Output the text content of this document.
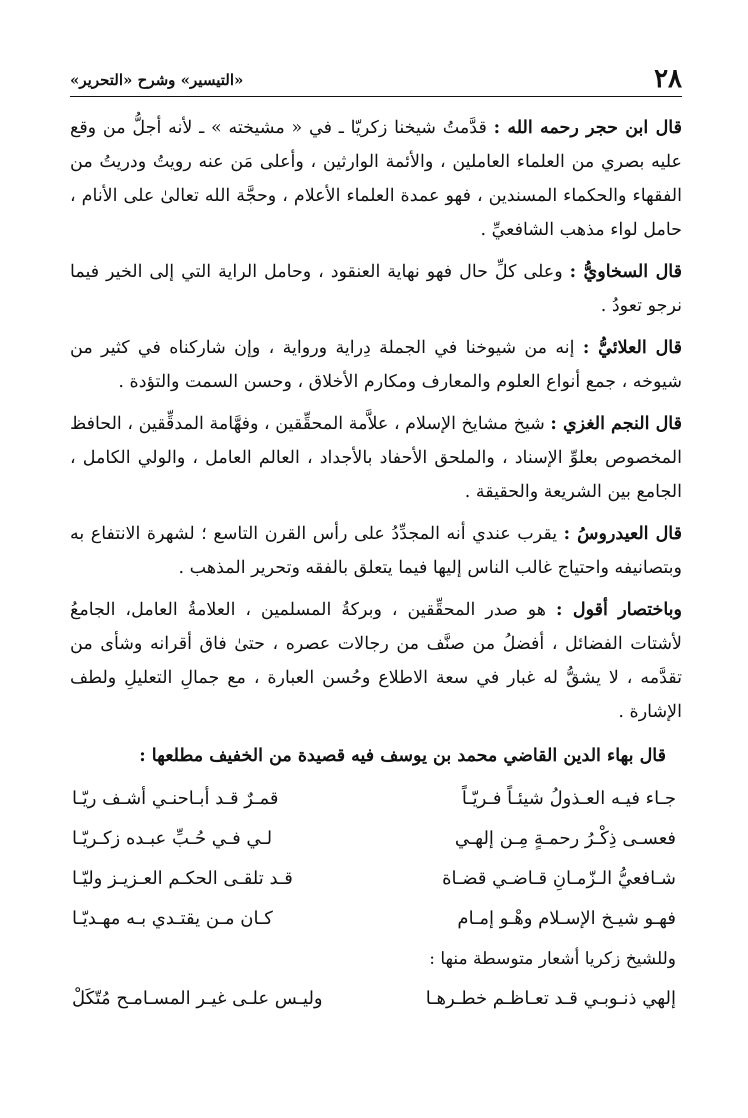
٢٨
«التيسير» وشرح «التحرير»

قال ابن حجر رحمه الله : قدَّمتُ شيخنا زكريّا ـ في « مشيخته » ـ لأنه أجلُّ من وقع عليه بصري من العلماء العاملين ، والأئمة الوارثين ، وأعلى مَن عنه رويتُ ودريتُ من الفقهاء والحكماء المسندين ، فهو عمدة العلماء الأعلام ، وحجَّة الله تعالىٰ على الأنام ، حامل لواء مذهب الشافعيِّ .

قال السخاويُّ : وعلى كلِّ حال فهو نهاية العنقود ، وحامل الراية التي إلى الخير فيما نرجو تعودُ .

قال العلائيُّ : إنه من شيوخنا في الجملة دِراية ورواية ، وإن شاركناه في كثير من شيوخه ، جمع أنواع العلوم والمعارف ومكارم الأخلاق ، وحسن السمت والتؤدة .

قال النجم الغزي : شيخ مشايخ الإسلام ، علاَّمة المحقِّقين ، وفهَّامة المدقِّقين ، الحافظ المخصوص بعلوِّ الإسناد ، والملحق الأحفاد بالأجداد ، العالم العامل ، والولي الكامل ، الجامع بين الشريعة والحقيقة .

قال العيدروسُ : يقرب عندي أنه المجدِّدُ على رأس القرن التاسع ؛ لشهرة الانتفاع به وبتصانيفه واحتياج غالب الناس إليها فيما يتعلق بالفقه وتحرير المذهب .

وباختصار أقول : هو صدر المحقِّقين ، وبركةُ المسلمين ، العلامةُ العامل، الجامعُ لأشتات الفضائل ، أفضلُ من صنَّف من رجالات عصره ، حتىٰ فاق أقرانه وشأى من تقدَّمه ، لا يشقُّ له غبار في سعة الاطلاع وحُسن العبارة ، مع جمالِ التعليلِ ولطف الإشارة .

قال بهاء الدين القاضي محمد بن يوسف فيه قصيدة من الخفيف مطلعها :
جـاء فيـه العـذولُ شيئـاً فـريّـاً	قمـرٌ قـد أبـاحنـي أشـف ريّـا
فعسـى ذِكْـرُ رحمـةٍ مِـن إلهـي	لـي فـي حُـبِّ عبـده زكـريّـا
شـافعيُّ الـزّمـانِ قـاضـي قضـاة	قـد تلقـى الحكـم العـزيـز وليّـا
فهـو شيـخ الإسـلام وهْـو إمـام	كـان مـن يقتـدي بـه مهـديّـا
وللشيخ زكريا أشعار متوسطة منها :
إلهي ذنـوبـي قـد تعـاظـم خطـرهـا	وليـس علـى غيـر المسـامـح مُتّكَلْ
